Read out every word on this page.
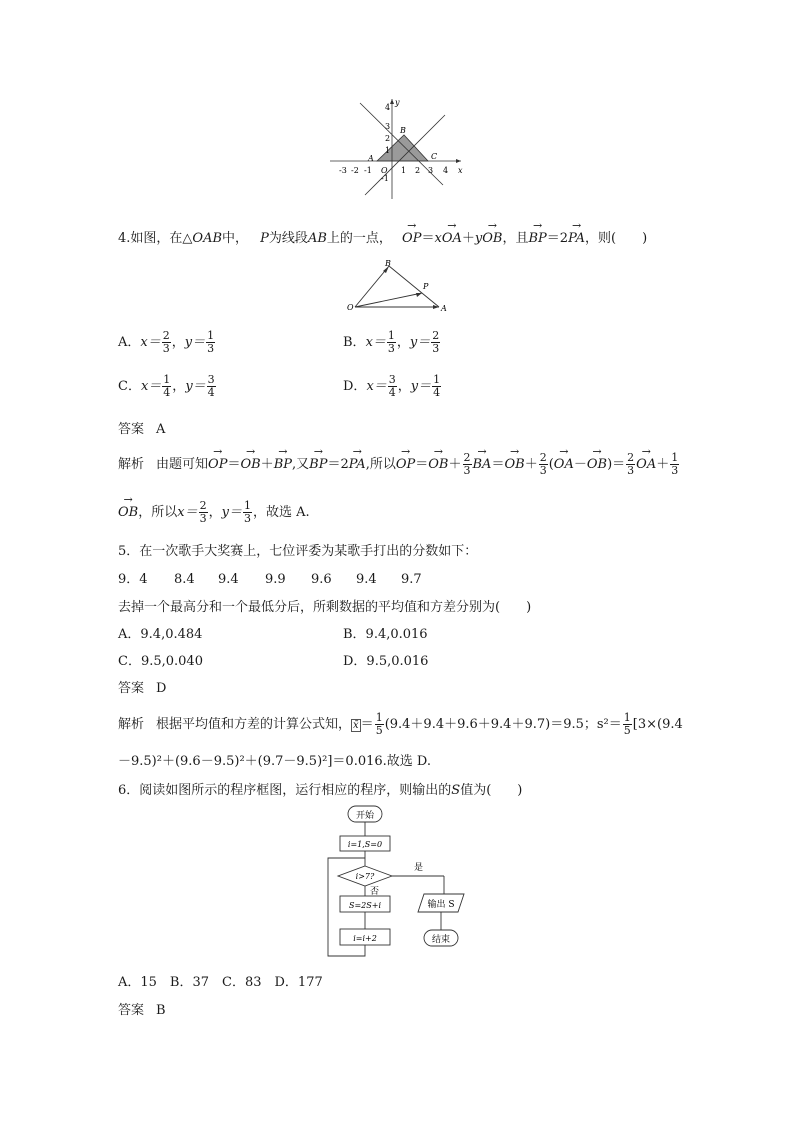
y
x
4
3
2
1
-1
-3 -2 -1 O 1 2 3 4
A
B
C
4.如图，在△OAB中， P为线段AB上的一点， → OP＝x→ OA＋y→ OB，且→ BP＝2→ PA，则(　　)
B
P
O	A
A．$x= \frac{2}{3}$ ，$y= \frac{1}{3}$	B．$x= \frac{1}{3}$ ，$y= \frac{2}{3}$
C．$x= \frac{1}{4}$ ，$y= \frac{3}{4}$	D．$x= \frac{3}{4}$ ，$y= \frac{1}{4}$
答案 A
解析 由题可知→ OP＝→ OB＋→ BP,又→ BP＝2→ PA,所以→ $OP=\to OB+ \frac{2}{3}$
→ $BA=\to OB+ \frac{2}{3}$ (→ $OA-\to OB)= \frac{2}{3}$
→ $OA+ \frac{1}{3}$
→ OB，所以$x= \frac{2}{3}$ ，$y= \frac{1}{3}$ ，故选 A.
5．在一次歌手大奖赛上，七位评委为某歌手打出的分数如下：
9．4 8.4 9.4 9.9 9.6 9.4 9.7
去掉一个最高分和一个最低分后，所剩数据的平均值和方差分别为(　　)
A．9.4,0.484	B．9.4,0.016
C．9.5,0.040	D．9.5,0.016
答案 D
解析 根据平均值和方差的计算公式知， x̄ ＝ $\frac{1}{5} (9.4+9.4+9.6+9.4+9.7)=9.5$；$s^2= \frac{1}{5} [3\times(9.4$
－9.5)²＋(9.6－9.5)²＋(9.7－9.5)²]＝0.016.故选 D.
6．阅读如图所示的程序框图，运行相应的程序，则输出的S值为(　　)
开始
i=1,S=0
i>7?
是
否
S=2S+i
i=i+2
输出 S
结束
A．15　B．37　C．83　D．177
答案 B
